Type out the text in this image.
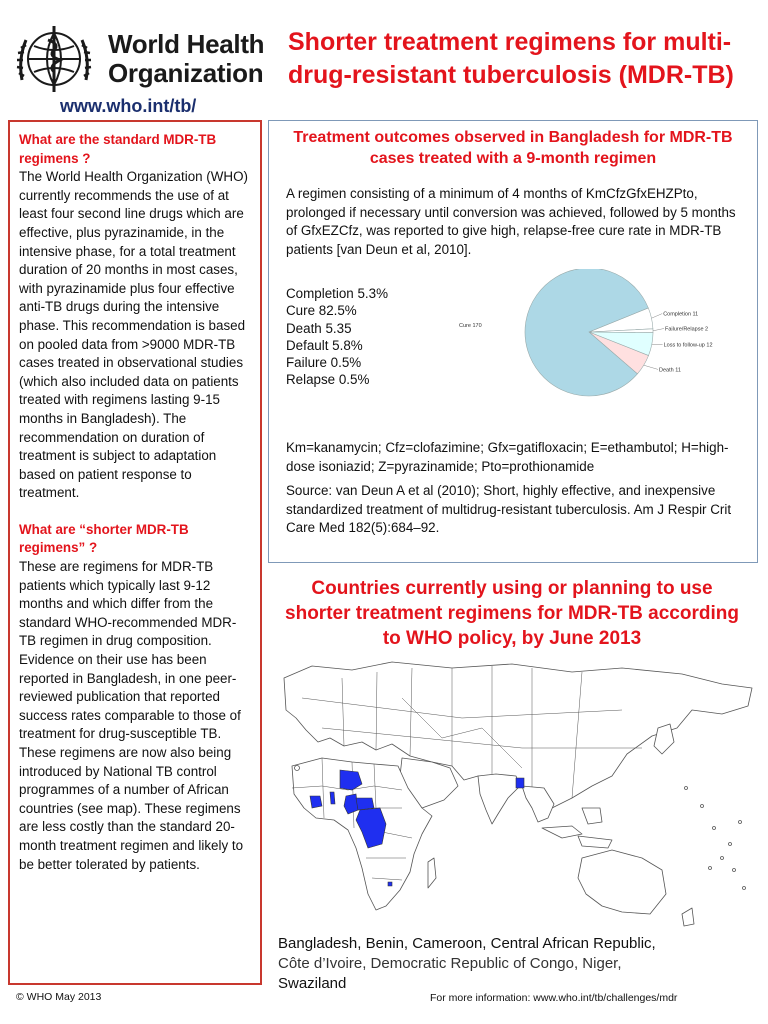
World Health
Organization
www.who.int/tb/
Shorter treatment regimens for multi-drug-resistant tuberculosis (MDR-TB)
What are the standard MDR-TB regimens ?
The World Health Organization (WHO) currently recommends the use of at least four second line drugs which are effective, plus pyrazinamide, in the intensive phase, for a total treatment duration of 20 months in most cases, with pyrazinamide plus four effective anti-TB drugs during the intensive phase. This recommendation is based on pooled data from >9000 MDR-TB cases treated in observational studies (which also included data on patients treated with regimens lasting 9-15 months in Bangladesh). The recommendation on duration of treatment is subject to adaptation based on patient response to treatment.
What are “shorter MDR-TB regimens” ?
These are regimens for MDR-TB patients which typically last 9-12 months and which differ from the standard WHO-recommended MDR-TB regimen in drug composition. Evidence on their use has been reported in Bangladesh, in one peer-reviewed publication that reported success rates comparable to those of treatment for drug-susceptible TB. These regimens are now also being introduced by National TB control programmes of a number of African countries (see map). These regimens are less costly than the standard 20-month treatment regimen and likely to be better tolerated by patients.
Treatment outcomes observed in Bangladesh for MDR-TB cases treated with a 9-month regimen
A regimen consisting of a minimum of 4 months of KmCfzGfxEHZPto, prolonged if necessary until conversion was achieved, followed by 5 months of GfxEZCfz, was reported to give high, relapse-free cure rate in MDR-TB patients [van Deun et al, 2010].
Completion 5.3%
Cure 82.5%
Death 5.35
Default 5.8%
Failure 0.5%
Relapse 0.5%
Completion 11
Failure/Relapse 2
Loss to follow-up 12
Death 11
Cure 170
Km=kanamycin; Cfz=clofazimine; Gfx=gatifloxacin; E=ethambutol; H=high-dose isoniazid; Z=pyrazinamide; Pto=prothionamide
Source: van Deun A et al (2010); Short, highly effective, and inexpensive standardized treatment of multidrug-resistant tuberculosis. Am J Respir Crit Care Med 182(5):684–92.
Countries currently using or planning to use shorter treatment regimens for MDR-TB according to WHO policy, by June 2013
Bangladesh, Benin, Cameroon, Central African Republic,
Côte d’Ivoire, Democratic Republic of Congo, Niger,
Swaziland
© WHO May 2013	For more information: www.who.int/tb/challenges/mdr
